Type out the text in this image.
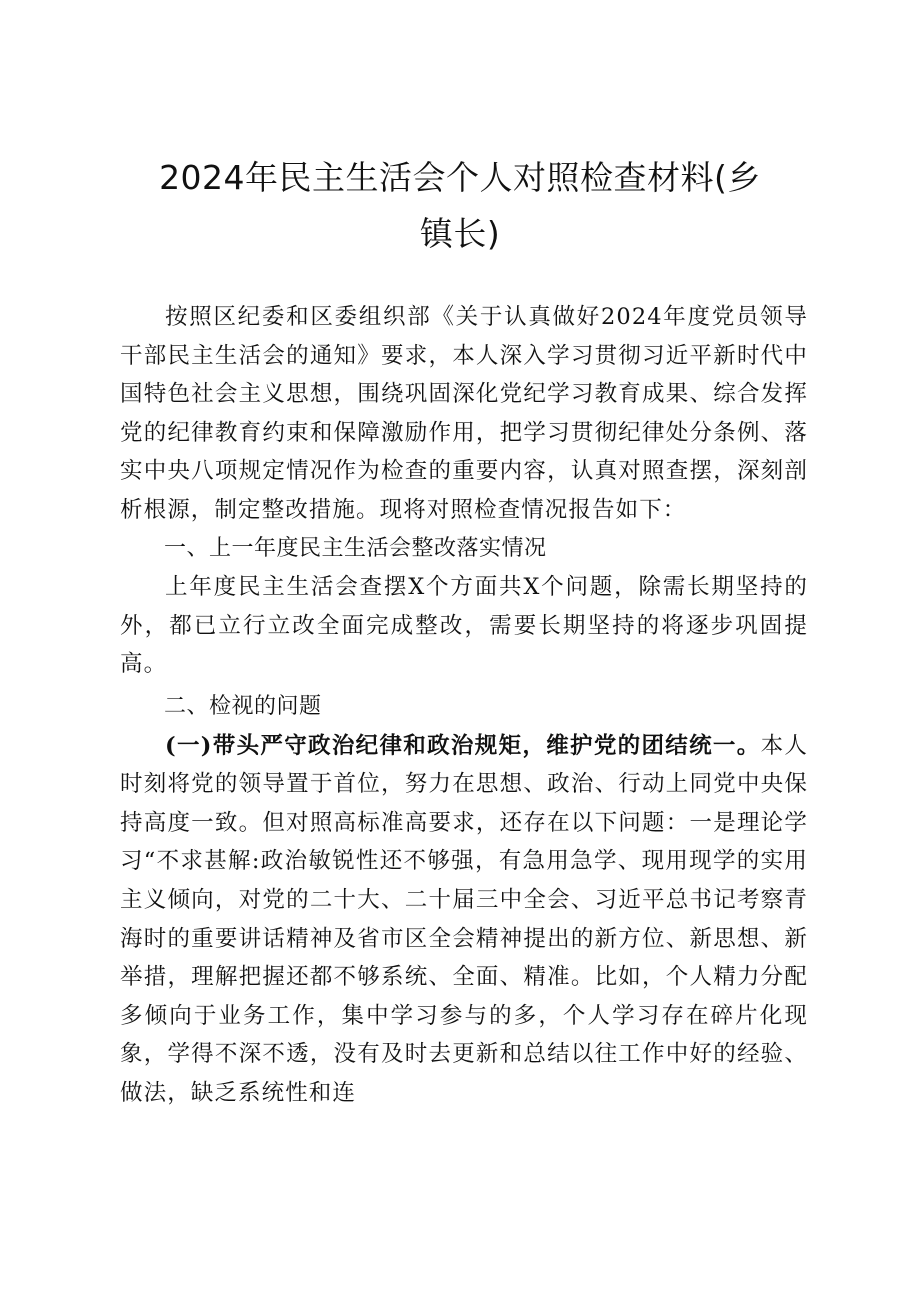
2024年民主生活会个人对照检查材料(乡镇长)

按照区纪委和区委组织部《关于认真做好2024年度党员领导干部民主生活会的通知》要求，本人深入学习贯彻习近平新时代中国特色社会主义思想，围绕巩固深化党纪学习教育成果、综合发挥党的纪律教育约束和保障激励作用，把学习贯彻纪律处分条例、落实中央八项规定情况作为检查的重要内容，认真对照查摆，深刻剖析根源，制定整改措施。现将对照检查情况报告如下：

一、上一年度民主生活会整改落实情况

上年度民主生活会查摆X个方面共X个问题，除需长期坚持的外，都已立行立改全面完成整改，需要长期坚持的将逐步巩固提高。

二、检视的问题

(一)带头严守政治纪律和政治规矩，维护党的团结统一。本人时刻将党的领导置于首位，努力在思想、政治、行动上同党中央保持高度一致。但对照高标准高要求，还存在以下问题：一是理论学习“不求甚解:政治敏锐性还不够强，有急用急学、现用现学的实用主义倾向，对党的二十大、二十届三中全会、习近平总书记考察青海时的重要讲话精神及省市区全会精神提出的新方位、新思想、新举措，理解把握还都不够系统、全面、精准。比如，个人精力分配多倾向于业务工作，集中学习参与的多，个人学习存在碎片化现象，学得不深不透，没有及时去更新和总结以往工作中好的经验、做法，缺乏系统性和连
